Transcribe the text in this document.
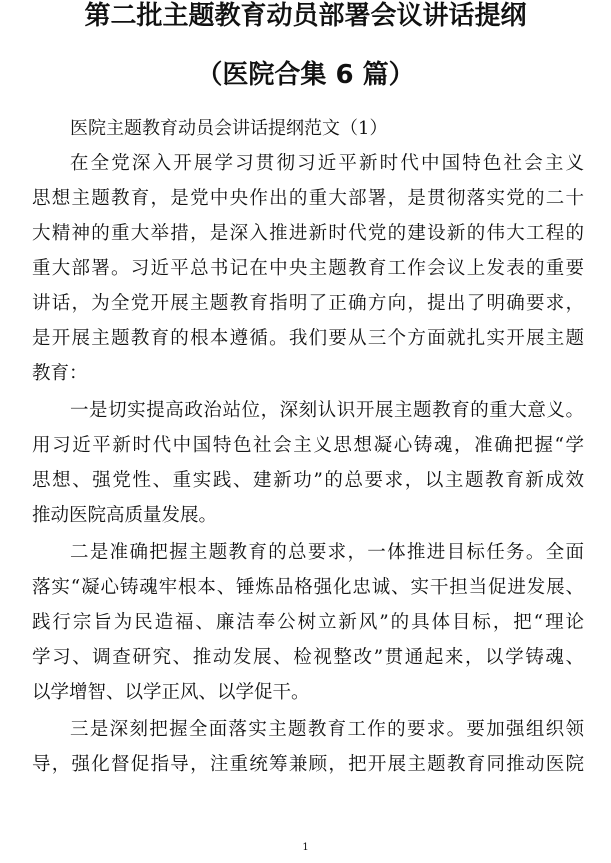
第二批主题教育动员部署会议讲话提纲
（医院合集 6 篇）

医院主题教育动员会讲话提纲范文（1）

在全党深入开展学习贯彻习近平新时代中国特色社会主义

思想主题教育，是党中央作出的重大部署，是贯彻落实党的二十

大精神的重大举措，是深入推进新时代党的建设新的伟大工程的

重大部署。习近平总书记在中央主题教育工作会议上发表的重要

讲话，为全党开展主题教育指明了正确方向，提出了明确要求，

是开展主题教育的根本遵循。我们要从三个方面就扎实开展主题

教育：

一是切实提高政治站位，深刻认识开展主题教育的重大意义。

用习近平新时代中国特色社会主义思想凝心铸魂，准确把握“学

思想、强党性、重实践、建新功”的总要求，以主题教育新成效

推动医院高质量发展。

二是准确把握主题教育的总要求，一体推进目标任务。全面

落实“凝心铸魂牢根本、锤炼品格强化忠诚、实干担当促进发展、

践行宗旨为民造福、廉洁奉公树立新风”的具体目标，把“理论

学习、调查研究、推动发展、检视整改”贯通起来，以学铸魂、

以学增智、以学正风、以学促干。

三是深刻把握全面落实主题教育工作的要求。要加强组织领

导，强化督促指导，注重统筹兼顾，把开展主题教育同推动医院

1
